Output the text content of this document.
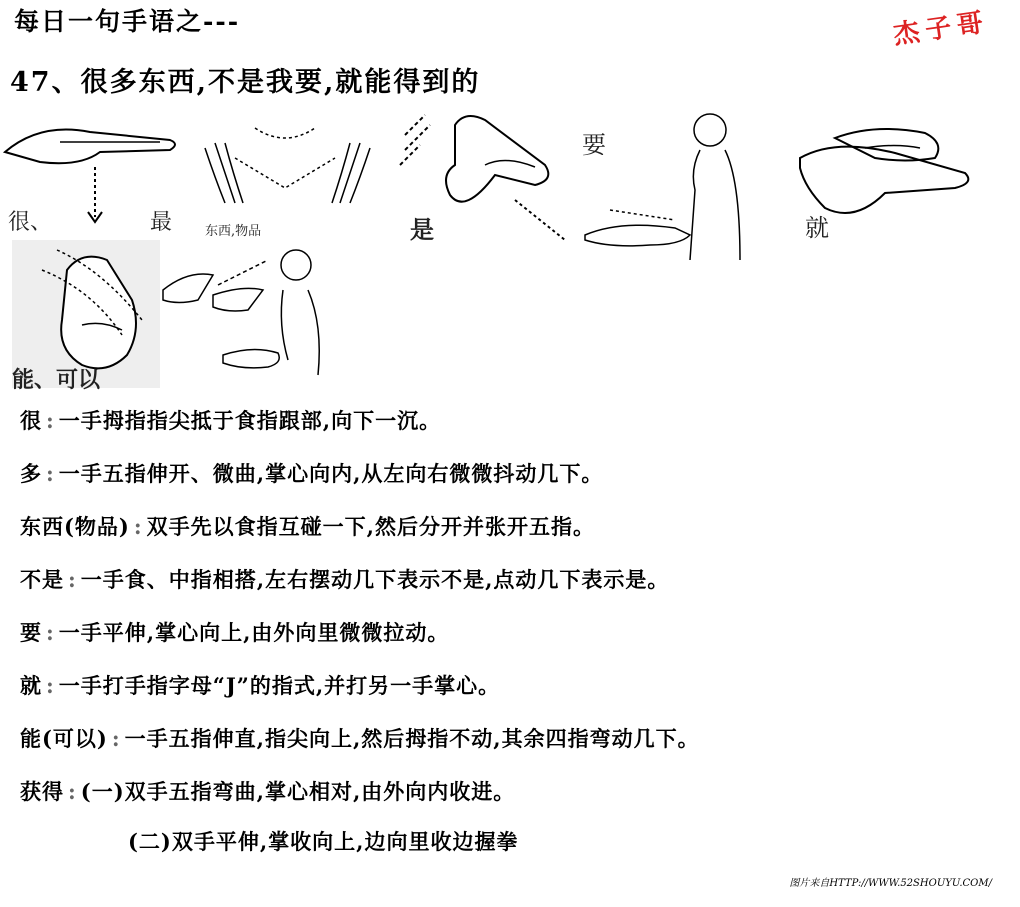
每日一句手语之---	杰子哥
47、很多东西,不是我要,就能得到的
很、	最	东西,物品	是
要
就
能、可以
很 : 一手拇指指尖抵于食指跟部,向下一沉。
多 : 一手五指伸开、微曲,掌心向内,从左向右微微抖动几下。
东西(物品) : 双手先以食指互碰一下,然后分开并张开五指。
不是 : 一手食、中指相搭,左右摆动几下表示不是,点动几下表示是。
要 : 一手平伸,掌心向上,由外向里微微拉动。
就 : 一手打手指字母“J”的指式,并打另一手掌心。
能(可以) : 一手五指伸直,指尖向上,然后拇指不动,其余四指弯动几下。
获得 : (一)双手五指弯曲,掌心相对,由外向内收进。
(二)双手平伸,掌收向上,边向里收边握拳
图片来自HTTP://WWW.52SHOUYU.COM/
